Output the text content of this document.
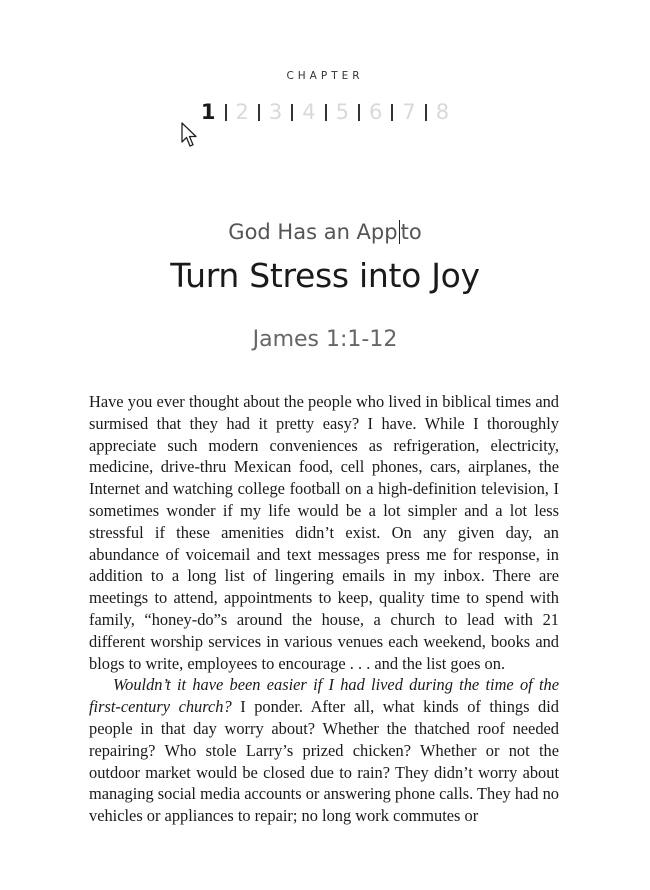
CHAPTER
1 2 3 4 5 6 7 8
God Has an App to
Turn Stress into Joy
James 1:1-12

Have you ever thought about the people who lived in biblical times and surmised that they had it pretty easy? I have. While I thoroughly appreciate such modern conveniences as refrigeration, electricity, medicine, drive-thru Mexican food, cell phones, cars, airplanes, the Internet and watching college football on a high-definition television, I sometimes wonder if my life would be a lot simpler and a lot less stressful if these amenities didn’t exist. On any given day, an abundance of voicemail and text messages press me for response, in addition to a long list of lingering emails in my inbox. There are meetings to attend, appointments to keep, quality time to spend with family, “honey-do”s around the house, a church to lead with 21 different worship services in various venues each weekend, books and blogs to write, employees to encourage . . . and the list goes on.

Wouldn’t it have been easier if I had lived during the time of the first-century church? I ponder. After all, what kinds of things did people in that day worry about? Whether the thatched roof needed repairing? Who stole Larry’s prized chicken? Whether or not the outdoor market would be closed due to rain? They didn’t worry about managing social media accounts or answering phone calls. They had no vehicles or appliances to repair; no long work commutes or
